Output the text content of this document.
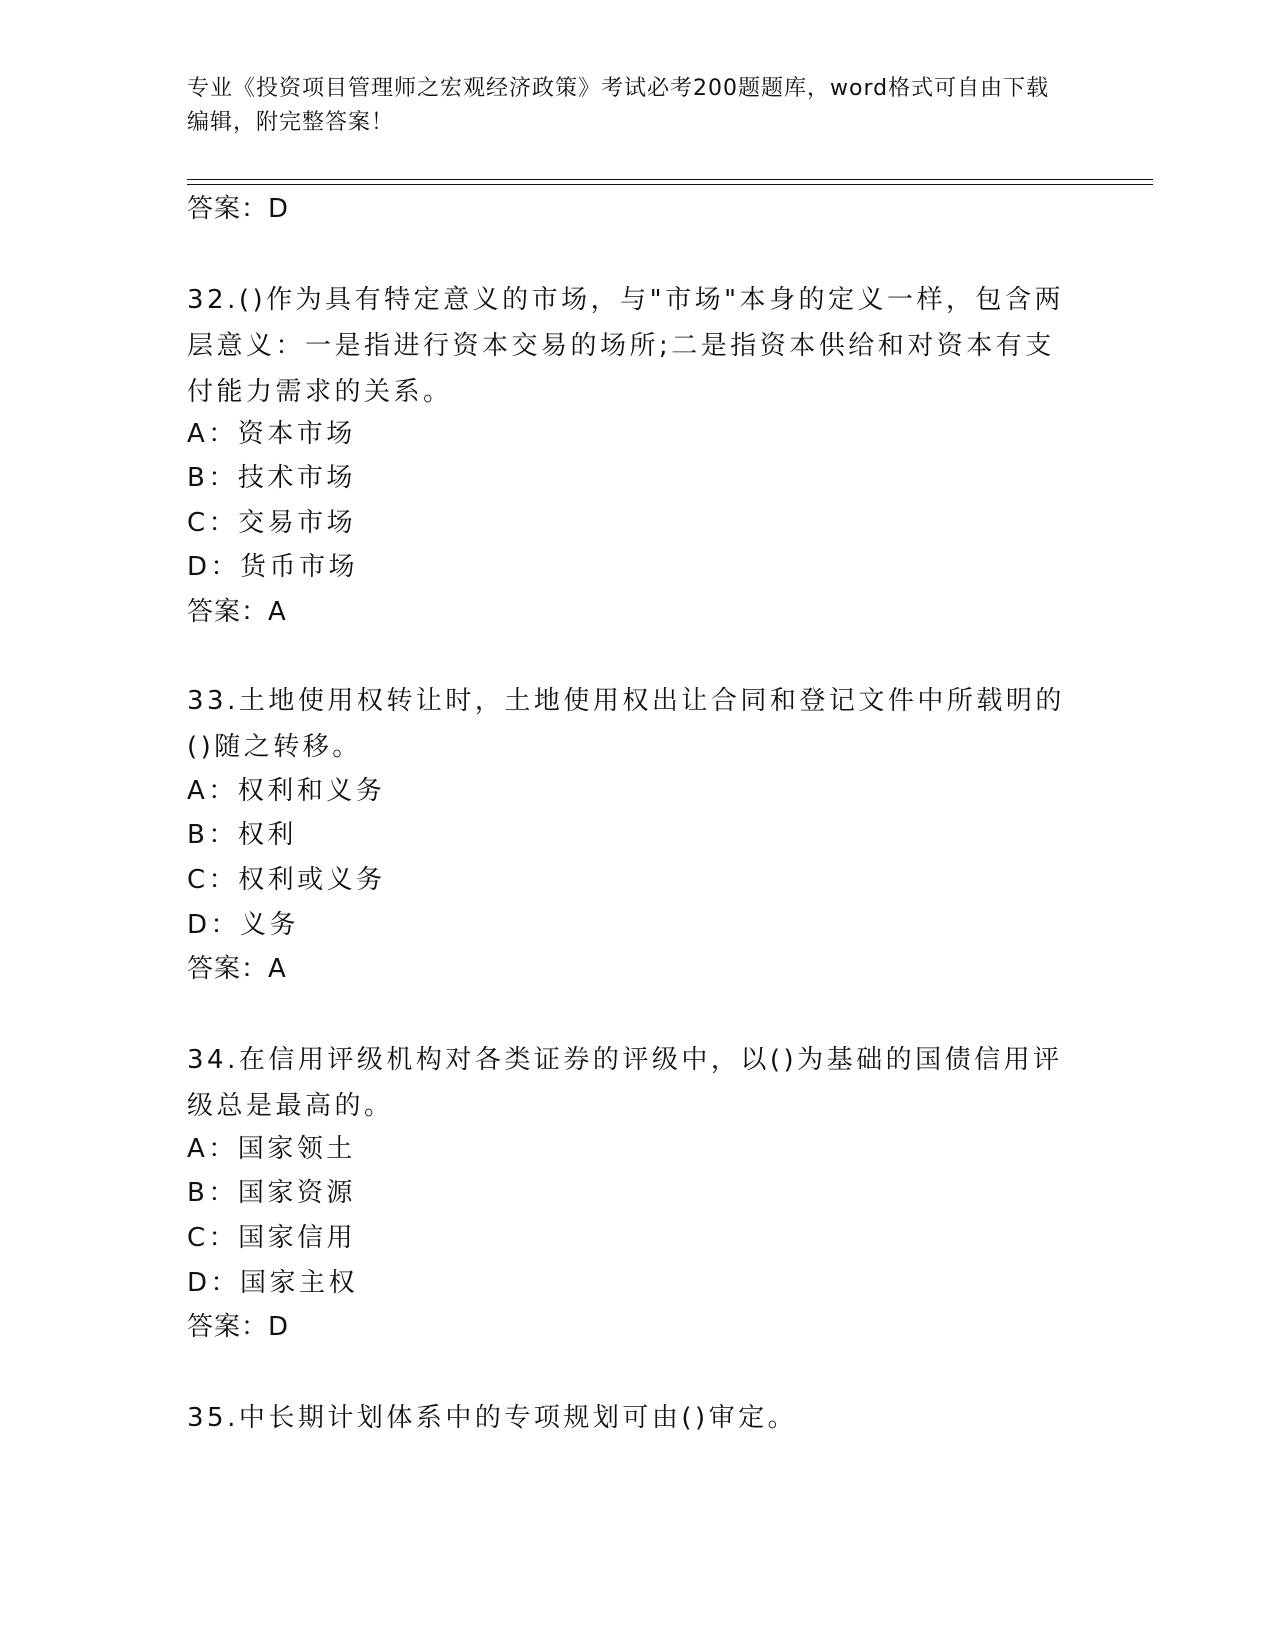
专业《投资项目管理师之宏观经济政策》考试必考200题题库，word格式可自由下载编辑，附完整答案！
答案：D
32.()作为具有特定意义的市场，与"市场"本身的定义一样，包含两层意义：一是指进行资本交易的场所;二是指资本供给和对资本有支付能力需求的关系。
A：资本市场
B：技术市场
C：交易市场
D：货币市场
答案：A
33.土地使用权转让时，土地使用权出让合同和登记文件中所载明的()随之转移。
A：权利和义务
B：权利
C：权利或义务
D：义务
答案：A
34.在信用评级机构对各类证券的评级中，以()为基础的国债信用评级总是最高的。
A：国家领土
B：国家资源
C：国家信用
D：国家主权
答案：D
35.中长期计划体系中的专项规划可由()审定。
